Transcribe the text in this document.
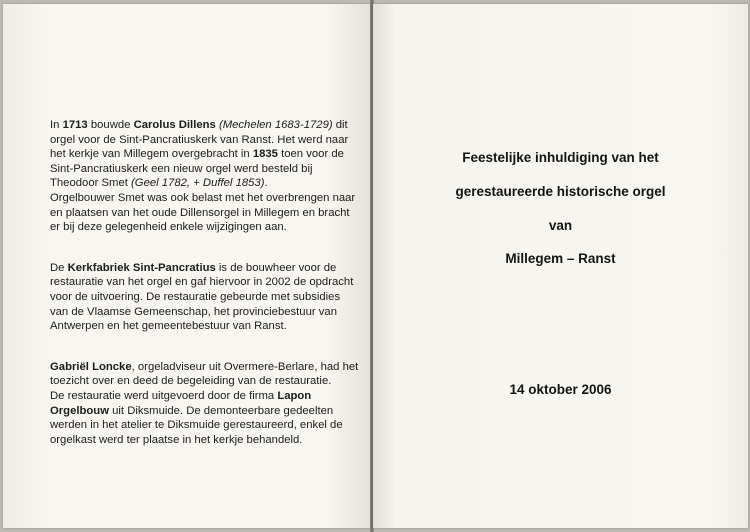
In 1713 bouwde Carolus Dillens (Mechelen 1683-1729) dit
orgel voor de Sint-Pancratiuskerk van Ranst. Het werd naar
het kerkje van Millegem overgebracht in 1835 toen voor de
Sint-Pancratiuskerk een nieuw orgel werd besteld bij
Theodoor Smet (Geel 1782, + Duffel 1853).
Orgelbouwer Smet was ook belast met het overbrengen naar
en plaatsen van het oude Dillensorgel in Millegem en bracht
er bij deze gelegenheid enkele wijzigingen aan.
De Kerkfabriek Sint-Pancratius is de bouwheer voor de
restauratie van het orgel en gaf hiervoor in 2002 de opdracht
voor de uitvoering. De restauratie gebeurde met subsidies
van de Vlaamse Gemeenschap, het provinciebestuur van
Antwerpen en het gemeentebestuur van Ranst.
Gabriël Loncke, orgeladviseur uit Overmere-Berlare, had het
toezicht over en deed de begeleiding van de restauratie.
De restauratie werd uitgevoerd door de firma Lapon
Orgelbouw uit Diksmuide. De demonteerbare gedeelten
werden in het atelier te Diksmuide gerestaureerd, enkel de
orgelkast werd ter plaatse in het kerkje behandeld.
Feestelijke inhuldiging van het
gerestaureerde historische orgel
van
Millegem – Ranst
14 oktober 2006
